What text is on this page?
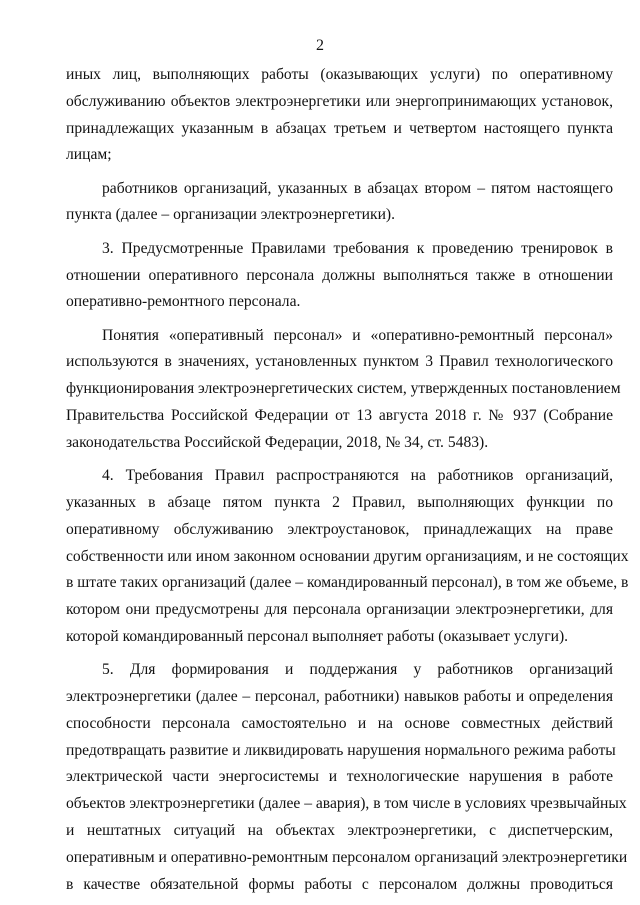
2
иных лиц, выполняющих работы (оказывающих услуги) по оперативному
обслуживанию объектов электроэнергетики или энергопринимающих установок,
принадлежащих указанным в абзацах третьем и четвертом настоящего пункта
лицам;
работников организаций, указанных в абзацах втором – пятом настоящего
пункта (далее – организации электроэнергетики).
3. Предусмотренные Правилами требования к проведению тренировок в
отношении оперативного персонала должны выполняться также в отношении
оперативно-ремонтного персонала.
Понятия «оперативный персонал» и «оперативно-ремонтный персонал»
используются в значениях, установленных пунктом 3 Правил технологического
функционирования электроэнергетических систем, утвержденных постановлением
Правительства Российской Федерации от 13 августа 2018 г. № 937 (Собрание
законодательства Российской Федерации, 2018, № 34, ст. 5483).
4. Требования Правил распространяются на работников организаций,
указанных в абзаце пятом пункта 2 Правил, выполняющих функции по
оперативному обслуживанию электроустановок, принадлежащих на праве
собственности или ином законном основании другим организациям, и не состоящих
в штате таких организаций (далее – командированный персонал), в том же объеме, в
котором они предусмотрены для персонала организации электроэнергетики, для
которой командированный персонал выполняет работы (оказывает услуги).
5. Для формирования и поддержания у работников организаций
электроэнергетики (далее – персонал, работники) навыков работы и определения
способности персонала самостоятельно и на основе совместных действий
предотвращать развитие и ликвидировать нарушения нормального режима работы
электрической части энергосистемы и технологические нарушения в работе
объектов электроэнергетики (далее – авария), в том числе в условиях чрезвычайных
и нештатных ситуаций на объектах электроэнергетики, с диспетчерским,
оперативным и оперативно-ремонтным персоналом организаций электроэнергетики
в качестве обязательной формы работы с персоналом должны проводиться
